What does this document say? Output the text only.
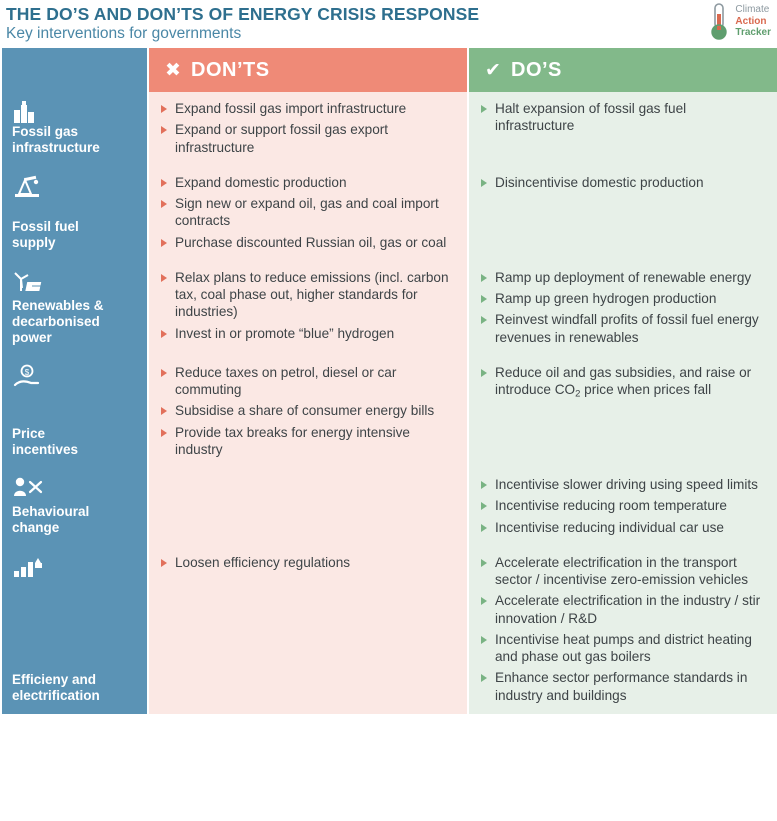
THE DO’S AND DON’TS OF ENERGY CRISIS RESPONSE
Key interventions for governments
Climate
Action
Tracker
✖ DON’TS	✔ DO’S
Fossil gas
infrastructure
Expand fossil gas import infrastructure
Expand or support fossil gas export infrastructure
Halt expansion of fossil gas fuel infrastructure
Fossil fuel
supply
Expand domestic production
Sign new or expand oil, gas and coal import contracts
Purchase discounted Russian oil, gas or coal
Disincentivise domestic production
Renewables &
decarbonised
power
Relax plans to reduce emissions (incl. carbon tax, coal phase out, higher standards for industries)
Invest in or promote “blue” hydrogen
Ramp up deployment of renewable energy
Ramp up green hydrogen production
Reinvest windfall profits of fossil fuel energy revenues in renewables
$
Price
incentives
Reduce taxes on petrol, diesel or car commuting
Subsidise a share of consumer energy bills
Provide tax breaks for energy intensive industry
Reduce oil and gas subsidies, and raise or introduce $CO_2$ price when prices fall
Behavioural
change
Incentivise slower driving using speed limits
Incentivise reducing room temperature
Incentivise reducing individual car use
Efficieny and
electrification
Loosen efficiency regulations	Accelerate electrification in the transport sector / incentivise zero-emission vehicles
Accelerate electrification in the industry / stir innovation / R&D
Incentivise heat pumps and district heating and phase out gas boilers
Enhance sector performance standards in industry and buildings
